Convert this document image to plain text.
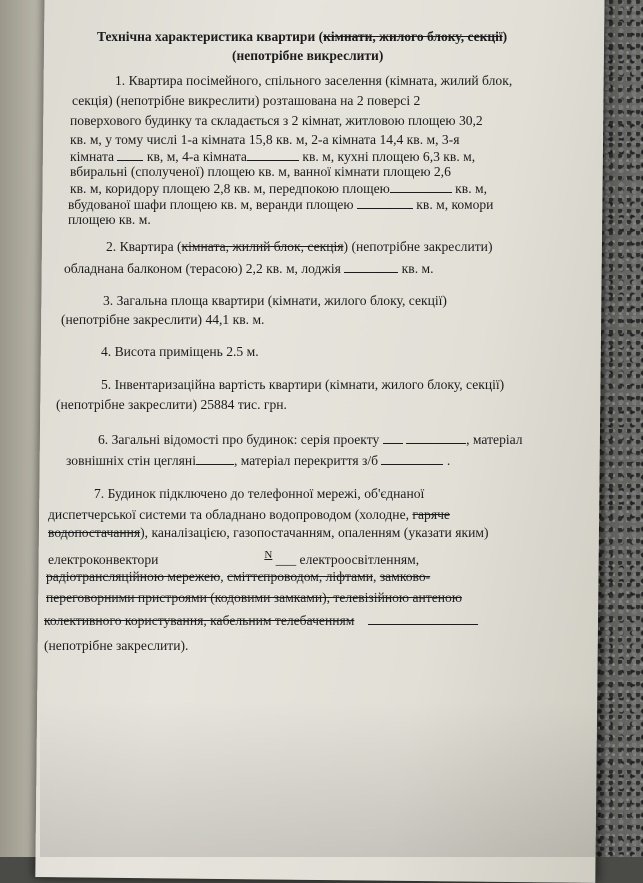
Технічна характеристика квартири (кімнати, жилого блоку, секції)
(непотрібне викреслити)
1. Квартира посімейного, спільного заселення (кімната, жилий блок,
секція) (непотрібне викреслити) розташована на 2 поверсі 2
поверхового будинку та складається з 2 кімнат, житловою площею 30,2
кв. м, у тому числі 1-а кімната 15,8 кв. м, 2-а кімната 14,4 кв. м, 3-я
кімната  кв, м, 4-а кімната	кв. м, кухні площею 6,3 кв. м,
вбиральні (сполученої) площею кв. м, ванної кімнати площею 2,6
кв. м, коридору площею 2,8 кв. м, передпокою площею	кв. м,
вбудованої шафи площею кв. м, веранди площею	кв. м, комори
площею кв. м.
2. Квартира (кімната, жилий блок, секція) (непотрібне закреслити)
обладнана балконом (терасою) 2,2 кв. м, лоджія	кв. м.
3. Загальна площа квартири (кімнати, жилого блоку, секції)
(непотрібне закреслити) 44,1 кв. м.
4. Висота приміщень 2.5 м.
5. Інвентаризаційна вартість квартири (кімнати, жилого блоку, секції)
(непотрібне закреслити) 25884 тис. грн.
6. Загальні відомості про будинок: серія проекту	, матеріал
зовнішніх стін цегляні	, матеріал перекриття з/б	.
7. Будинок підключено до телефонної мережі, об'єднаної
диспетчерської системи та обладнано водопроводом (холодне, гаряче
водопостачання), каналізацією, газопостачанням, опаленням (указати яким)
електроконвектори	$^N$ ___ електроосвітленням,
радіотрансляційною мережею, сміттєпроводом, ліфтами, замково-
переговорними пристроями (кодовими замками), телевізійною антеною
колективного користування, кабельним телебаченням
(непотрібне закреслити).
